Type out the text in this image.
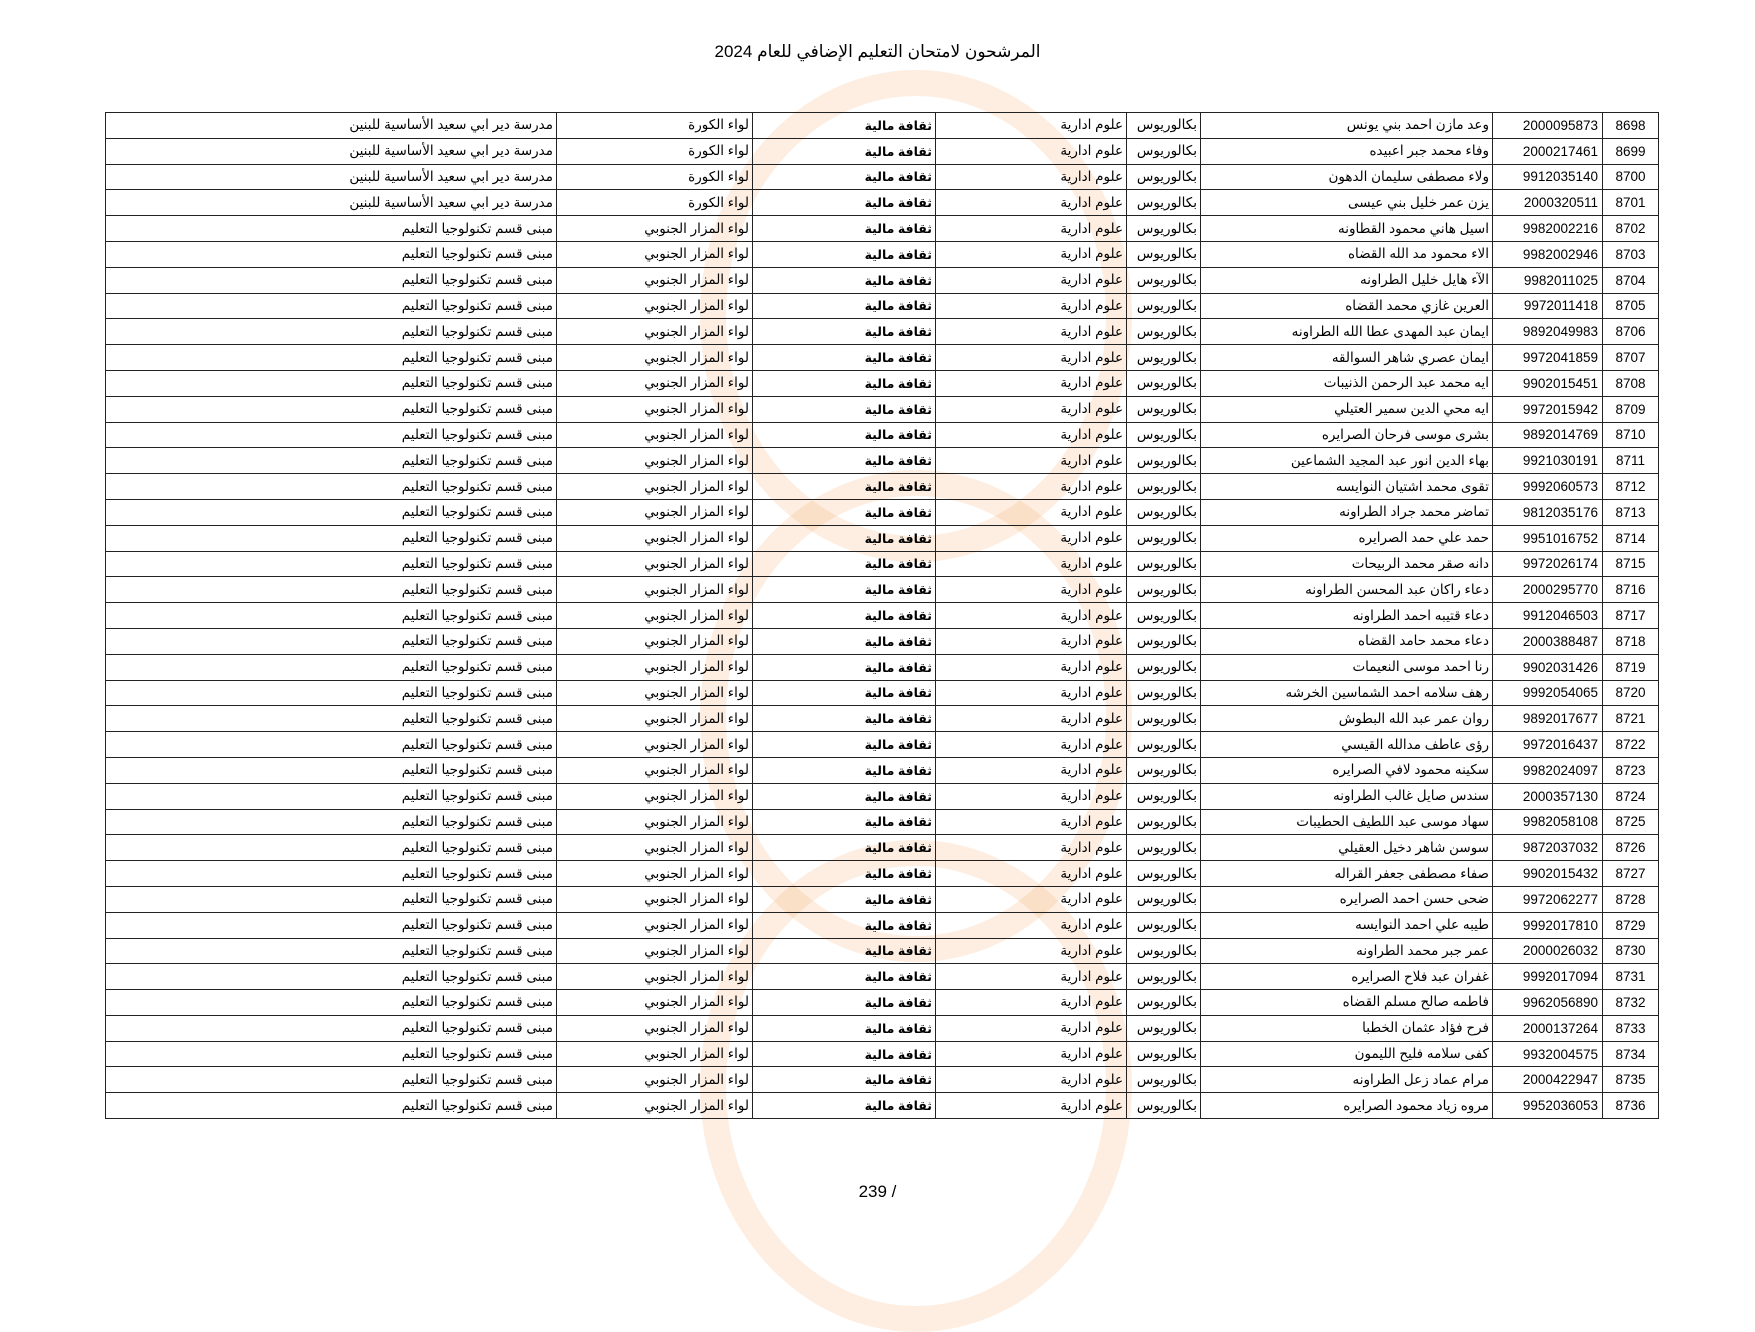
المرشحون لامتحان التعليم الإضافي للعام 2024
8698	2000095873	وعد مازن احمد بني يونس	بكالوريوس	علوم ادارية	ثقافة مالية	لواء الكورة	مدرسة دير ابي سعيد الأساسية للبنين
8699	2000217461	وفاء محمد جبر اعبيده	بكالوريوس	علوم ادارية	ثقافة مالية	لواء الكورة	مدرسة دير ابي سعيد الأساسية للبنين
8700	9912035140	ولاء مصطفى سليمان الدهون	بكالوريوس	علوم ادارية	ثقافة مالية	لواء الكورة	مدرسة دير ابي سعيد الأساسية للبنين
8701	2000320511	يزن عمر خليل بني عيسى	بكالوريوس	علوم ادارية	ثقافة مالية	لواء الكورة	مدرسة دير ابي سعيد الأساسية للبنين
8702	9982002216	اسيل هاني محمود القطاونه	بكالوريوس	علوم ادارية	ثقافة مالية	لواء المزار الجنوبي	مبنى قسم تكنولوجيا التعليم
8703	9982002946	الاء محمود مد الله القضاه	بكالوريوس	علوم ادارية	ثقافة مالية	لواء المزار الجنوبي	مبنى قسم تكنولوجيا التعليم
8704	9982011025	الآء هايل خليل الطراونه	بكالوريوس	علوم ادارية	ثقافة مالية	لواء المزار الجنوبي	مبنى قسم تكنولوجيا التعليم
8705	9972011418	العرين غازي محمد القضاه	بكالوريوس	علوم ادارية	ثقافة مالية	لواء المزار الجنوبي	مبنى قسم تكنولوجيا التعليم
8706	9892049983	ايمان عبد المهدى عطا الله الطراونه	بكالوريوس	علوم ادارية	ثقافة مالية	لواء المزار الجنوبي	مبنى قسم تكنولوجيا التعليم
8707	9972041859	ايمان عصري شاهر السوالقه	بكالوريوس	علوم ادارية	ثقافة مالية	لواء المزار الجنوبي	مبنى قسم تكنولوجيا التعليم
8708	9902015451	ايه محمد عبد الرحمن الذنيبات	بكالوريوس	علوم ادارية	ثقافة مالية	لواء المزار الجنوبي	مبنى قسم تكنولوجيا التعليم
8709	9972015942	ايه محي الدين سمير العتيلي	بكالوريوس	علوم ادارية	ثقافة مالية	لواء المزار الجنوبي	مبنى قسم تكنولوجيا التعليم
8710	9892014769	بشرى موسى فرحان الصرايره	بكالوريوس	علوم ادارية	ثقافة مالية	لواء المزار الجنوبي	مبنى قسم تكنولوجيا التعليم
8711	9921030191	بهاء الدين انور عبد المجيد الشماعين	بكالوريوس	علوم ادارية	ثقافة مالية	لواء المزار الجنوبي	مبنى قسم تكنولوجيا التعليم
8712	9992060573	تقوى محمد اشتيان النوايسه	بكالوريوس	علوم ادارية	ثقافة مالية	لواء المزار الجنوبي	مبنى قسم تكنولوجيا التعليم
8713	9812035176	تماضر محمد جراد الطراونه	بكالوريوس	علوم ادارية	ثقافة مالية	لواء المزار الجنوبي	مبنى قسم تكنولوجيا التعليم
8714	9951016752	حمد علي حمد الصرايره	بكالوريوس	علوم ادارية	ثقافة مالية	لواء المزار الجنوبي	مبنى قسم تكنولوجيا التعليم
8715	9972026174	دانه صقر محمد الربيحات	بكالوريوس	علوم ادارية	ثقافة مالية	لواء المزار الجنوبي	مبنى قسم تكنولوجيا التعليم
8716	2000295770	دعاء راكان عبد المحسن الطراونه	بكالوريوس	علوم ادارية	ثقافة مالية	لواء المزار الجنوبي	مبنى قسم تكنولوجيا التعليم
8717	9912046503	دعاء قتيبه احمد الطراونه	بكالوريوس	علوم ادارية	ثقافة مالية	لواء المزار الجنوبي	مبنى قسم تكنولوجيا التعليم
8718	2000388487	دعاء محمد حامد القضاه	بكالوريوس	علوم ادارية	ثقافة مالية	لواء المزار الجنوبي	مبنى قسم تكنولوجيا التعليم
8719	9902031426	رنا احمد موسى النعيمات	بكالوريوس	علوم ادارية	ثقافة مالية	لواء المزار الجنوبي	مبنى قسم تكنولوجيا التعليم
8720	9992054065	رهف سلامه احمد الشماسين الخرشه	بكالوريوس	علوم ادارية	ثقافة مالية	لواء المزار الجنوبي	مبنى قسم تكنولوجيا التعليم
8721	9892017677	روان عمر عبد الله البطوش	بكالوريوس	علوم ادارية	ثقافة مالية	لواء المزار الجنوبي	مبنى قسم تكنولوجيا التعليم
8722	9972016437	رؤى عاطف مدالله القيسي	بكالوريوس	علوم ادارية	ثقافة مالية	لواء المزار الجنوبي	مبنى قسم تكنولوجيا التعليم
8723	9982024097	سكينه محمود لافي الصرايره	بكالوريوس	علوم ادارية	ثقافة مالية	لواء المزار الجنوبي	مبنى قسم تكنولوجيا التعليم
8724	2000357130	سندس صايل غالب الطراونه	بكالوريوس	علوم ادارية	ثقافة مالية	لواء المزار الجنوبي	مبنى قسم تكنولوجيا التعليم
8725	9982058108	سهاد موسى عبد اللطيف الحطيبات	بكالوريوس	علوم ادارية	ثقافة مالية	لواء المزار الجنوبي	مبنى قسم تكنولوجيا التعليم
8726	9872037032	سوسن شاهر دخيل العقيلي	بكالوريوس	علوم ادارية	ثقافة مالية	لواء المزار الجنوبي	مبنى قسم تكنولوجيا التعليم
8727	9902015432	صفاء مصطفى جعفر القراله	بكالوريوس	علوم ادارية	ثقافة مالية	لواء المزار الجنوبي	مبنى قسم تكنولوجيا التعليم
8728	9972062277	ضحى حسن احمد الصرايره	بكالوريوس	علوم ادارية	ثقافة مالية	لواء المزار الجنوبي	مبنى قسم تكنولوجيا التعليم
8729	9992017810	طيبه علي احمد النوايسه	بكالوريوس	علوم ادارية	ثقافة مالية	لواء المزار الجنوبي	مبنى قسم تكنولوجيا التعليم
8730	2000026032	عمر جبر محمد الطراونه	بكالوريوس	علوم ادارية	ثقافة مالية	لواء المزار الجنوبي	مبنى قسم تكنولوجيا التعليم
8731	9992017094	غفران عبد فلاح الصرايره	بكالوريوس	علوم ادارية	ثقافة مالية	لواء المزار الجنوبي	مبنى قسم تكنولوجيا التعليم
8732	9962056890	فاطمه صالح مسلم القضاه	بكالوريوس	علوم ادارية	ثقافة مالية	لواء المزار الجنوبي	مبنى قسم تكنولوجيا التعليم
8733	2000137264	فرح فؤاد عثمان الخطبا	بكالوريوس	علوم ادارية	ثقافة مالية	لواء المزار الجنوبي	مبنى قسم تكنولوجيا التعليم
8734	9932004575	كفى سلامه فليح الليمون	بكالوريوس	علوم ادارية	ثقافة مالية	لواء المزار الجنوبي	مبنى قسم تكنولوجيا التعليم
8735	2000422947	مرام عماد زعل الطراونه	بكالوريوس	علوم ادارية	ثقافة مالية	لواء المزار الجنوبي	مبنى قسم تكنولوجيا التعليم
8736	9952036053	مروه زياد محمود الصرايره	بكالوريوس	علوم ادارية	ثقافة مالية	لواء المزار الجنوبي	مبنى قسم تكنولوجيا التعليم
239 /
